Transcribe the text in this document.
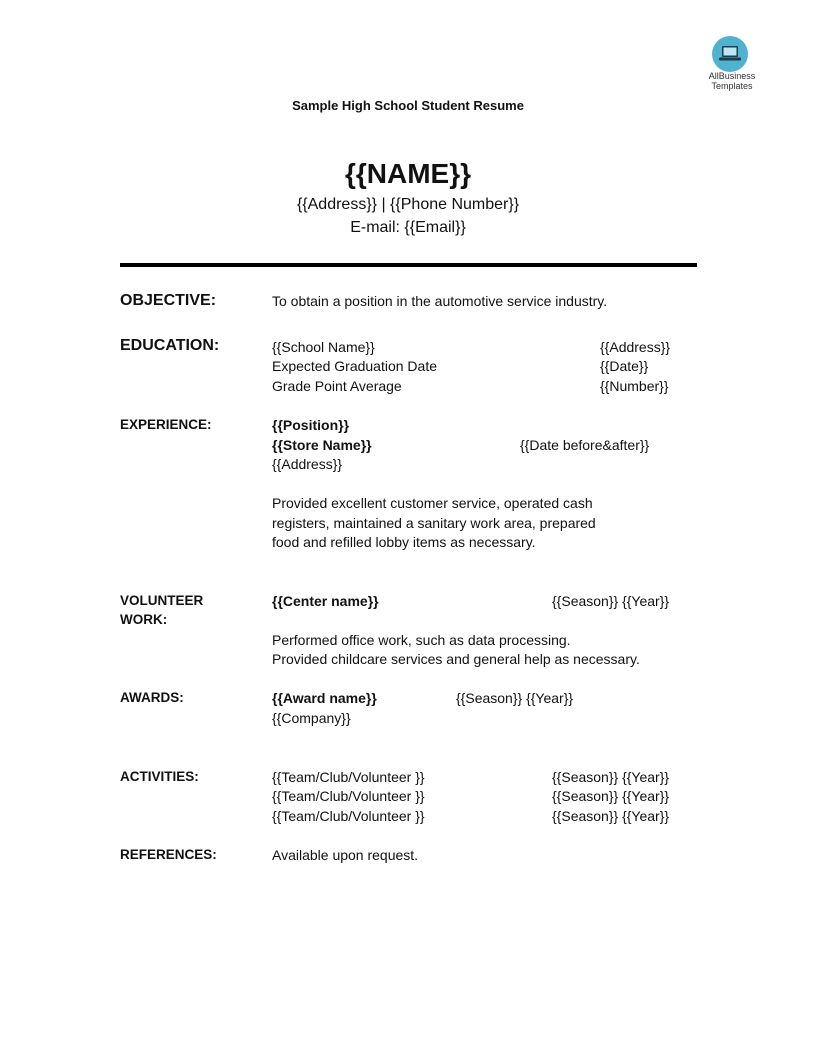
AllBusiness
Templates
Sample High School Student Resume
{{NAME}}
{{Address}} | {{Phone Number}}
E-mail: {{Email}}
OBJECTIVE:	To obtain a position in the automotive service industry.
EDUCATION:	{{School Name}}	{{Address}}
Expected Graduation Date	{{Date}}
Grade Point Average	{{Number}}
EXPERIENCE:	{{Position}}
{{Store Name}}	{{Date before&after}}
{{Address}}
Provided excellent customer service, operated cash
registers, maintained a sanitary work area, prepared
food and refilled lobby items as necessary.
VOLUNTEER
WORK:
{{Center name}}	{{Season}} {{Year}}
Performed office work, such as data processing.
Provided childcare services and general help as necessary.
AWARDS:	{{Award name}}	{{Season}} {{Year}}
{{Company}}
ACTIVITIES:	{{Team/Club/Volunteer }}	{{Season}} {{Year}}
{{Team/Club/Volunteer }}	{{Season}} {{Year}}
{{Team/Club/Volunteer }}	{{Season}} {{Year}}
REFERENCES:	Available upon request.
